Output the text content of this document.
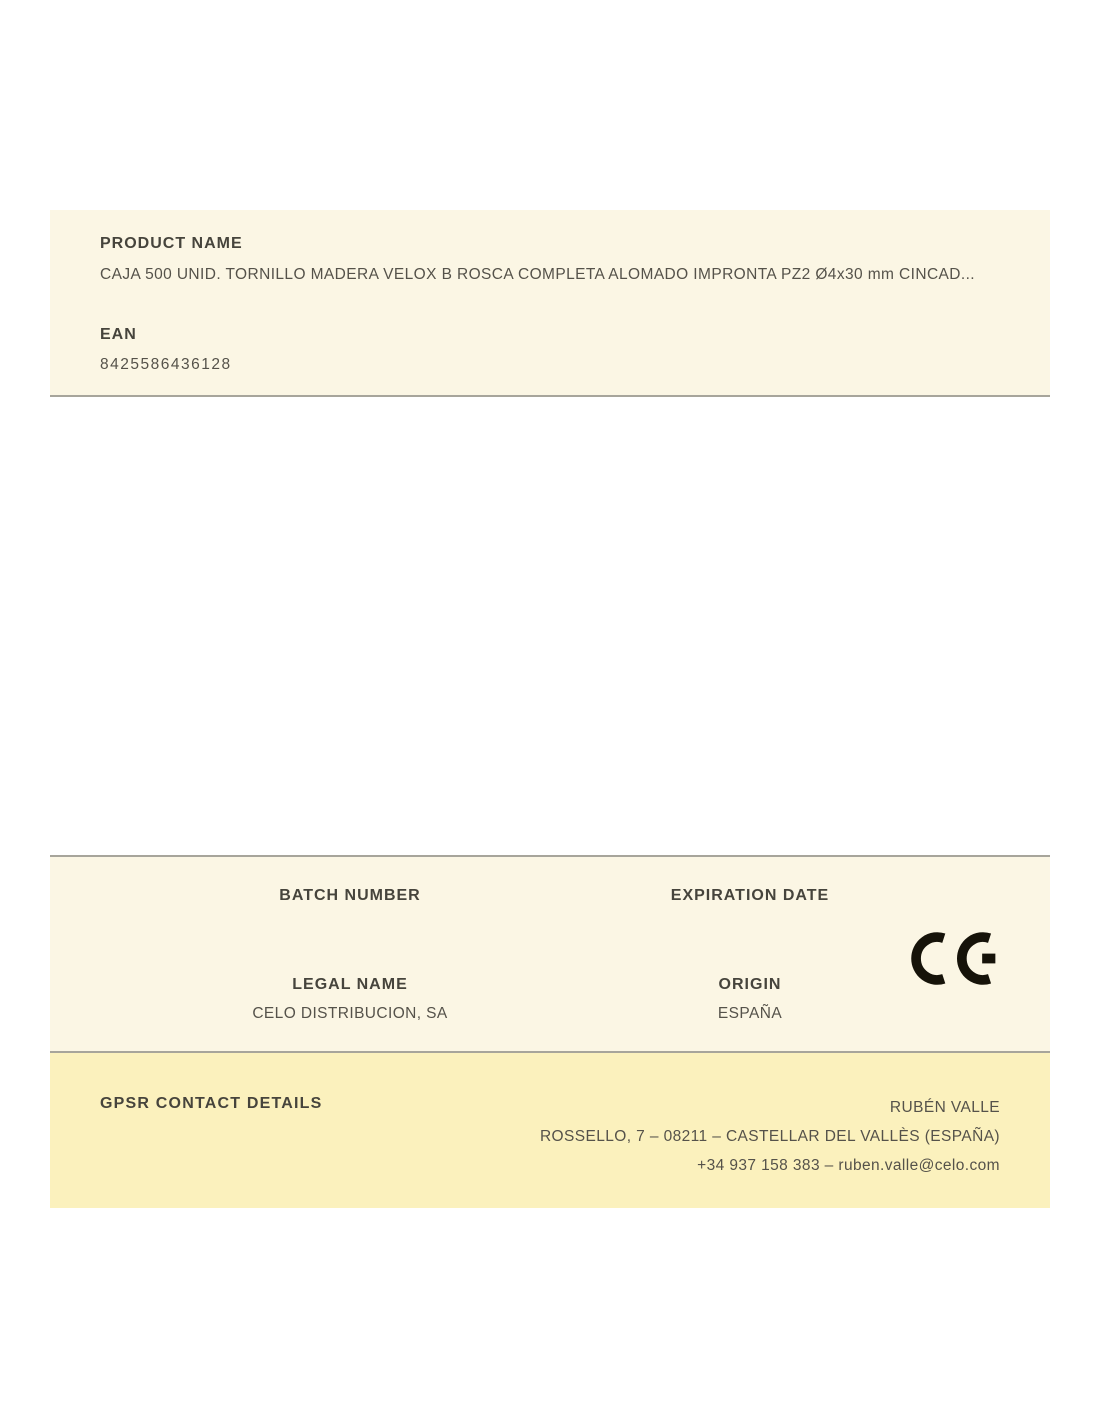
PRODUCT NAME
CAJA 500 UNID. TORNILLO MADERA VELOX B ROSCA COMPLETA ALOMADO IMPRONTA PZ2 Ø4x30 mm CINCAD...
EAN
8425586436128
BATCH NUMBER	EXPIRATION DATE
LEGAL NAME
CELO DISTRIBUCION, SA
ORIGIN
ESPAÑA
GPSR CONTACT DETAILS	RUBÉN VALLE
ROSSELLO, 7 – 08211 – CASTELLAR DEL VALLÈS (ESPAÑA)
+34 937 158 383 – ruben.valle@celo.com
